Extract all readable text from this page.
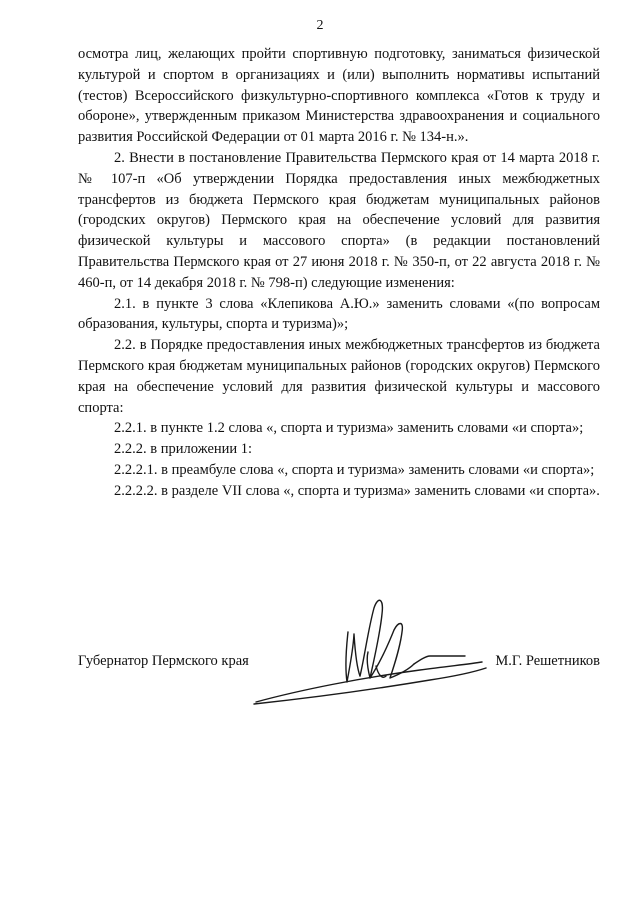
2

осмотра лиц, желающих пройти спортивную подготовку, заниматься физической культурой и спортом в организациях и (или) выполнить нормативы испытаний (тестов) Всероссийского физкультурно-спортивного комплекса «Готов к труду и обороне», утвержденным приказом Министерства здравоохранения и социального развития Российской Федерации от 01 марта 2016 г. № 134-н.».

2. Внести в постановление Правительства Пермского края от 14 марта 2018 г. № 107-п «Об утверждении Порядка предоставления иных межбюджетных трансфертов из бюджета Пермского края бюджетам муниципальных районов (городских округов) Пермского края на обеспечение условий для развития физической культуры и массового спорта» (в редакции постановлений Правительства Пермского края от 27 июня 2018 г. № 350-п, от 22 августа 2018 г. № 460-п, от 14 декабря 2018 г. № 798-п) следующие изменения:

2.1. в пункте 3 слова «Клепикова А.Ю.» заменить словами «(по вопросам образования, культуры, спорта и туризма)»;

2.2. в Порядке предоставления иных межбюджетных трансфертов из бюджета Пермского края бюджетам муниципальных районов (городских округов) Пермского края на обеспечение условий для развития физической культуры и массового спорта:

2.2.1. в пункте 1.2 слова «, спорта и туризма» заменить словами «и спорта»;

2.2.2. в приложении 1:

2.2.2.1. в преамбуле слова «, спорта и туризма» заменить словами «и спорта»;

2.2.2.2. в разделе VII слова «, спорта и туризма» заменить словами «и спорта».

Губернатор Пермского края	М.Г. Решетников
